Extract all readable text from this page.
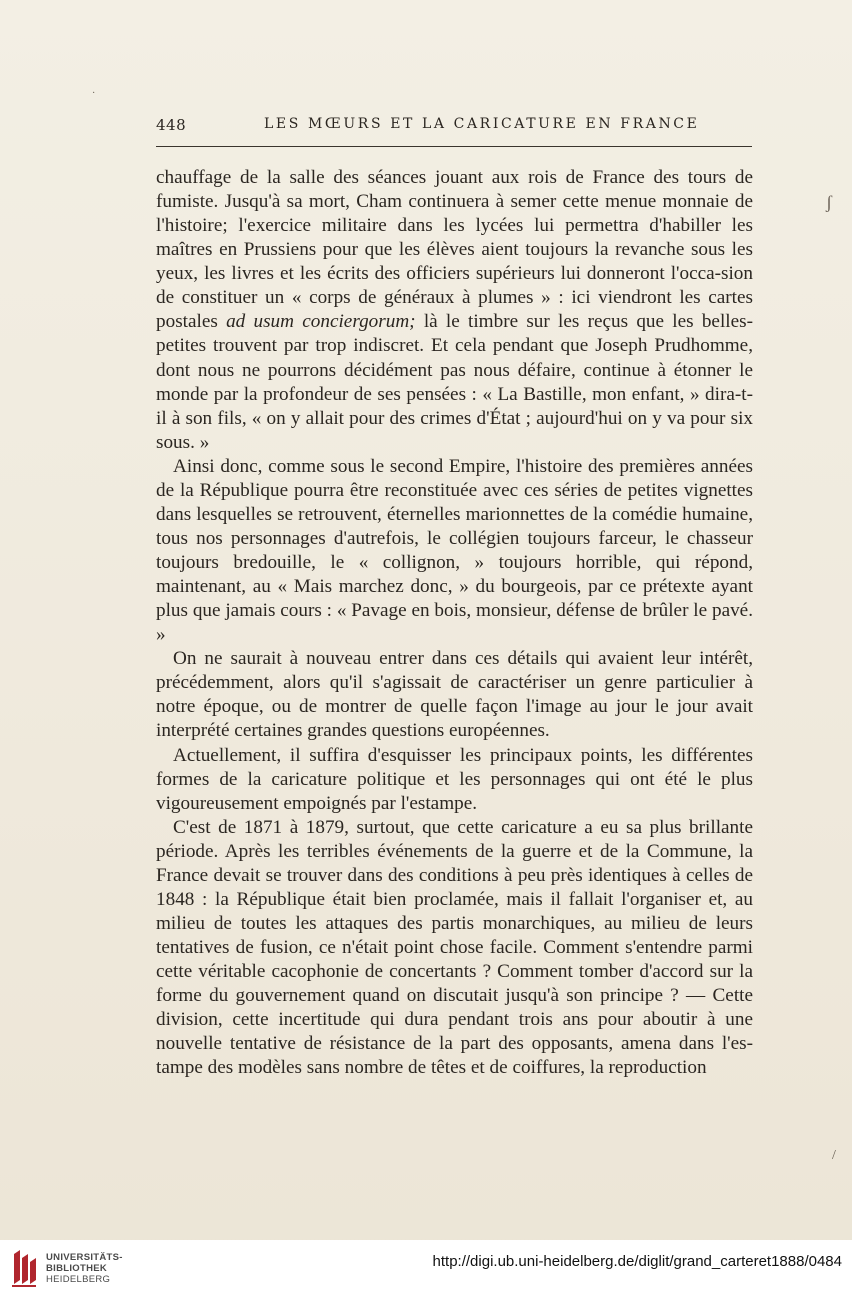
448	LES MŒURS ET LA CARICATURE EN FRANCE

chauffage de la salle des séances jouant aux rois de France des tours de fumiste. Jusqu'à sa mort, Cham continuera à semer cette menue monnaie de l'histoire; l'exercice militaire dans les lycées lui permettra d'habiller les maîtres en Prussiens pour que les élèves aient toujours la revanche sous les yeux, les livres et les écrits des officiers supérieurs lui donneront l'occa-sion de constituer un « corps de généraux à plumes » : ici viendront les cartes postales ad usum conciergorum; là le timbre sur les reçus que les belles-petites trouvent par trop indiscret. Et cela pendant que Joseph Prudhomme, dont nous ne pourrons décidément pas nous défaire, continue à étonner le monde par la profondeur de ses pensées : « La Bastille, mon enfant, » dira-t-il à son fils, « on y allait pour des crimes d'État ; aujourd'hui on y va pour six sous. »

Ainsi donc, comme sous le second Empire, l'histoire des premières années de la République pourra être reconstituée avec ces séries de petites vignettes dans lesquelles se retrouvent, éternelles marionnettes de la comédie humaine, tous nos personnages d'autrefois, le collégien toujours farceur, le chasseur toujours bredouille, le « collignon, » toujours horrible, qui répond, maintenant, au « Mais marchez donc, » du bourgeois, par ce prétexte ayant plus que jamais cours : « Pavage en bois, monsieur, défense de brûler le pavé. »

On ne saurait à nouveau entrer dans ces détails qui avaient leur intérêt, précédemment, alors qu'il s'agissait de caractériser un genre particulier à notre époque, ou de montrer de quelle façon l'image au jour le jour avait interprété certaines grandes questions européennes.

Actuellement, il suffira d'esquisser les principaux points, les différentes formes de la caricature politique et les personnages qui ont été le plus vigoureusement empoignés par l'estampe.

C'est de 1871 à 1879, surtout, que cette caricature a eu sa plus brillante période. Après les terribles événements de la guerre et de la Commune, la France devait se trouver dans des conditions à peu près identiques à celles de 1848 : la République était bien proclamée, mais il fallait l'organiser et, au milieu de toutes les attaques des partis monarchiques, au milieu de leurs tentatives de fusion, ce n'était point chose facile. Comment s'entendre parmi cette véritable cacophonie de concertants ? Comment tomber d'accord sur la forme du gouvernement quand on discutait jusqu'à son principe ? — Cette division, cette incertitude qui dura pendant trois ans pour aboutir à une nouvelle tentative de résistance de la part des opposants, amena dans l'es-tampe des modèles sans nombre de têtes et de coiffures, la reproduction

ʃ
/
·
UNIVERSITÄTS-
BIBLIOTHEK
HEIDELBERG
http://digi.ub.uni-heidelberg.de/diglit/grand_carteret1888/0484
